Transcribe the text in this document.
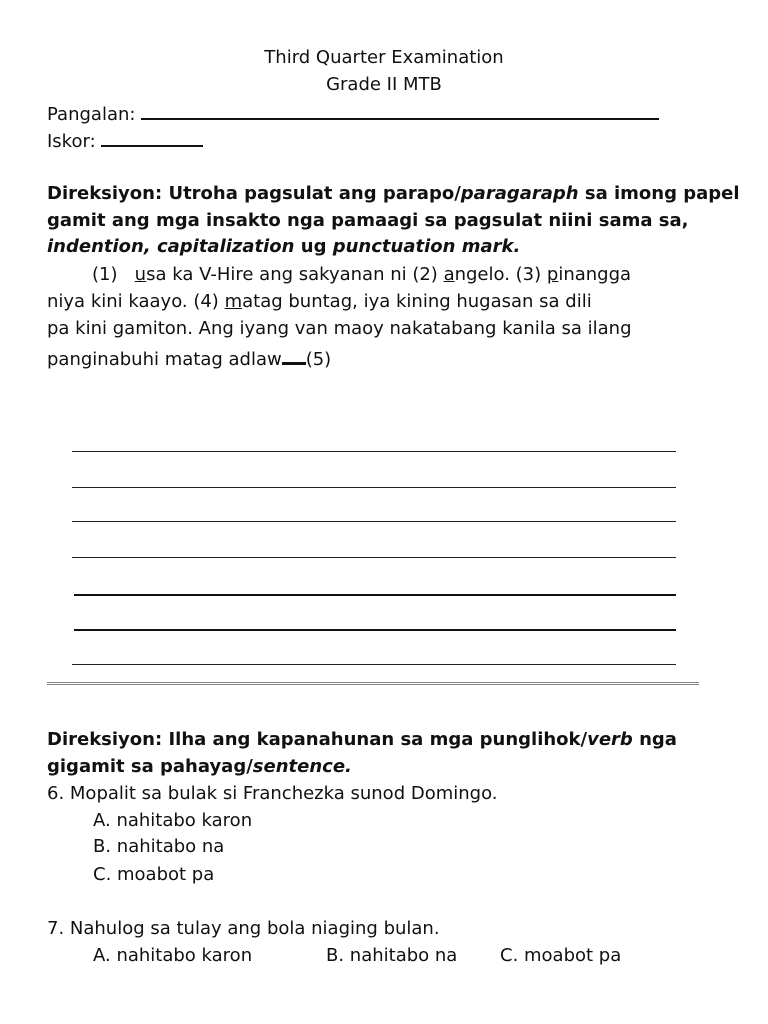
Third Quarter Examination
Grade II MTB
Pangalan:
Iskor:
Direksiyon: Utroha pagsulat ang parapo/paragaraph sa imong papel
gamit ang mga insakto nga pamaagi sa pagsulat niini sama sa,
indention, capitalization ug punctuation mark.
(1) usa ka V-Hire ang sakyanan ni (2) angelo. (3) pinangga
niya kini kaayo. (4) matag buntag, iya kining hugasan sa dili
pa kini gamiton. Ang iyang van maoy nakatabang kanila sa ilang
panginabuhi matag adlaw (5)
Direksiyon: Ilha ang kapanahunan sa mga punglihok/verb nga
gigamit sa pahayag/sentence.
6. Mopalit sa bulak si Franchezka sunod Domingo.
A. nahitabo karon
B. nahitabo na
C. moabot pa
7. Nahulog sa tulay ang bola niaging bulan.
A. nahitabo karon	B. nahitabo na C. moabot pa
